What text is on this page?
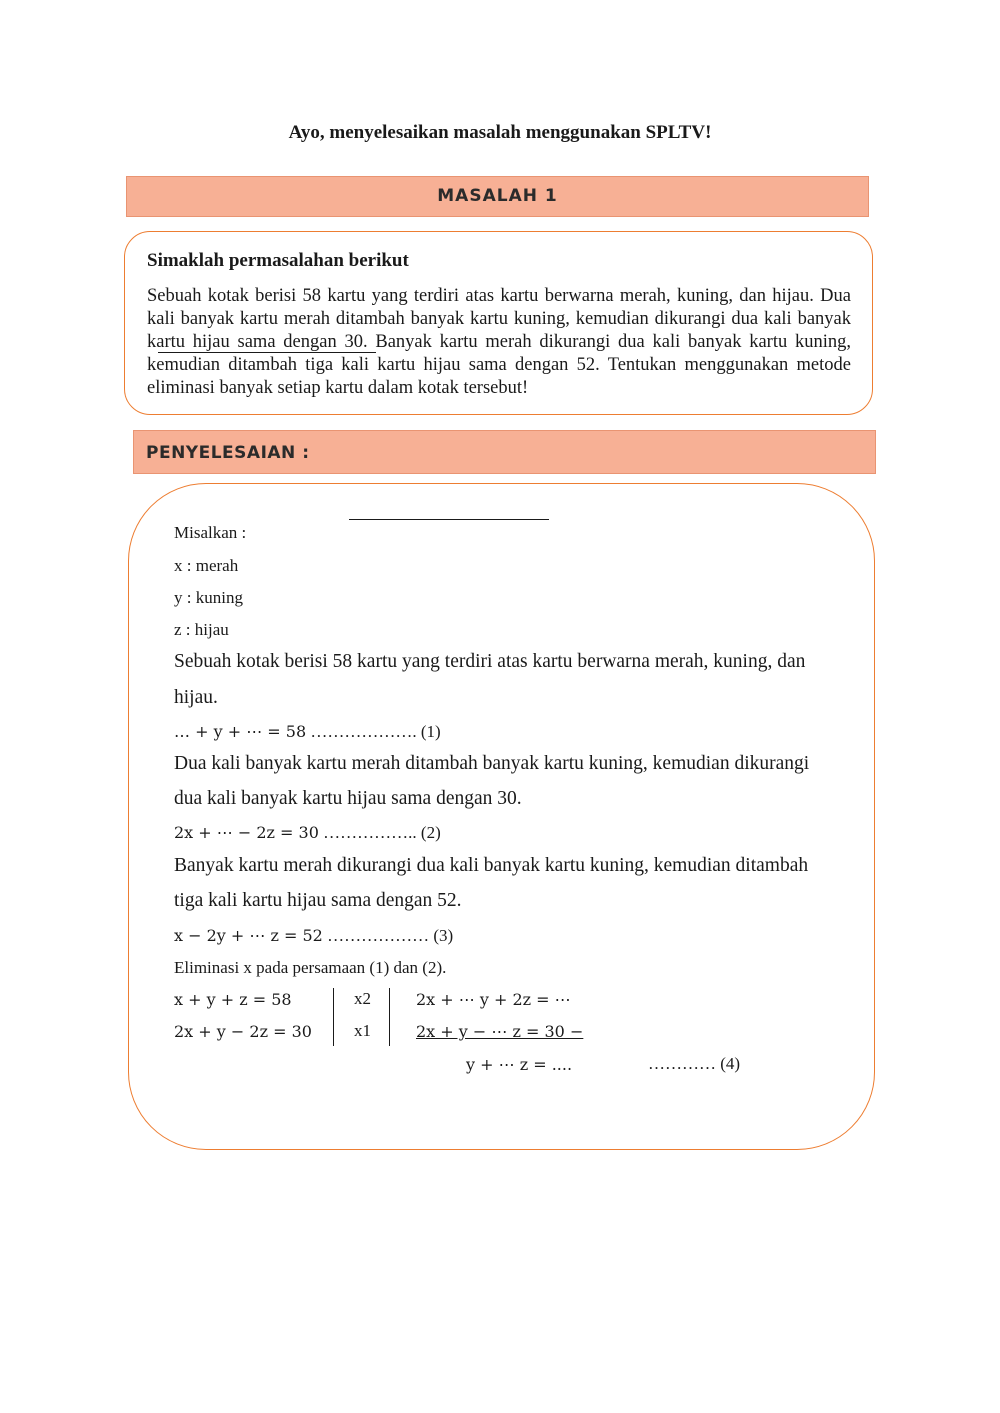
Ayo, menyelesaikan masalah menggunakan SPLTV!
MASALAH 1
Simaklah permasalahan berikut
Sebuah kotak berisi 58 kartu yang terdiri atas kartu berwarna merah, kuning, dan hijau. Dua kali banyak kartu merah ditambah banyak kartu kuning, kemudian dikurangi dua kali banyak kartu hijau sama dengan 30. Banyak kartu merah dikurangi dua kali banyak kartu kuning, kemudian ditambah tiga kali kartu hijau sama dengan 52. Tentukan menggunakan metode eliminasi banyak setiap kartu dalam kotak tersebut!
PENYELESAIAN :
Misalkan :
x : merah
y : kuning
z : hijau
Sebuah kotak berisi 58 kartu yang terdiri atas kartu berwarna merah, kuning, dan
hijau.
… + y + ⋯ = 58 ………………. (1)
Dua kali banyak kartu merah ditambah banyak kartu kuning, kemudian dikurangi
dua kali banyak kartu hijau sama dengan 30.
2x + ⋯ − 2z = 30 …………….. (2)
Banyak kartu merah dikurangi dua kali banyak kartu kuning, kemudian ditambah
tiga kali kartu hijau sama dengan 52.
x − 2y + ⋯ z = 52 ……………… (3)
Eliminasi x pada persamaan (1) dan (2).
x + y + z = 58	x2	2x + ⋯ y + 2z = ⋯
2x + y − 2z = 30 x1	2x + y − ⋯ z = 30 −
y + ⋯ z = ....	………… (4)
